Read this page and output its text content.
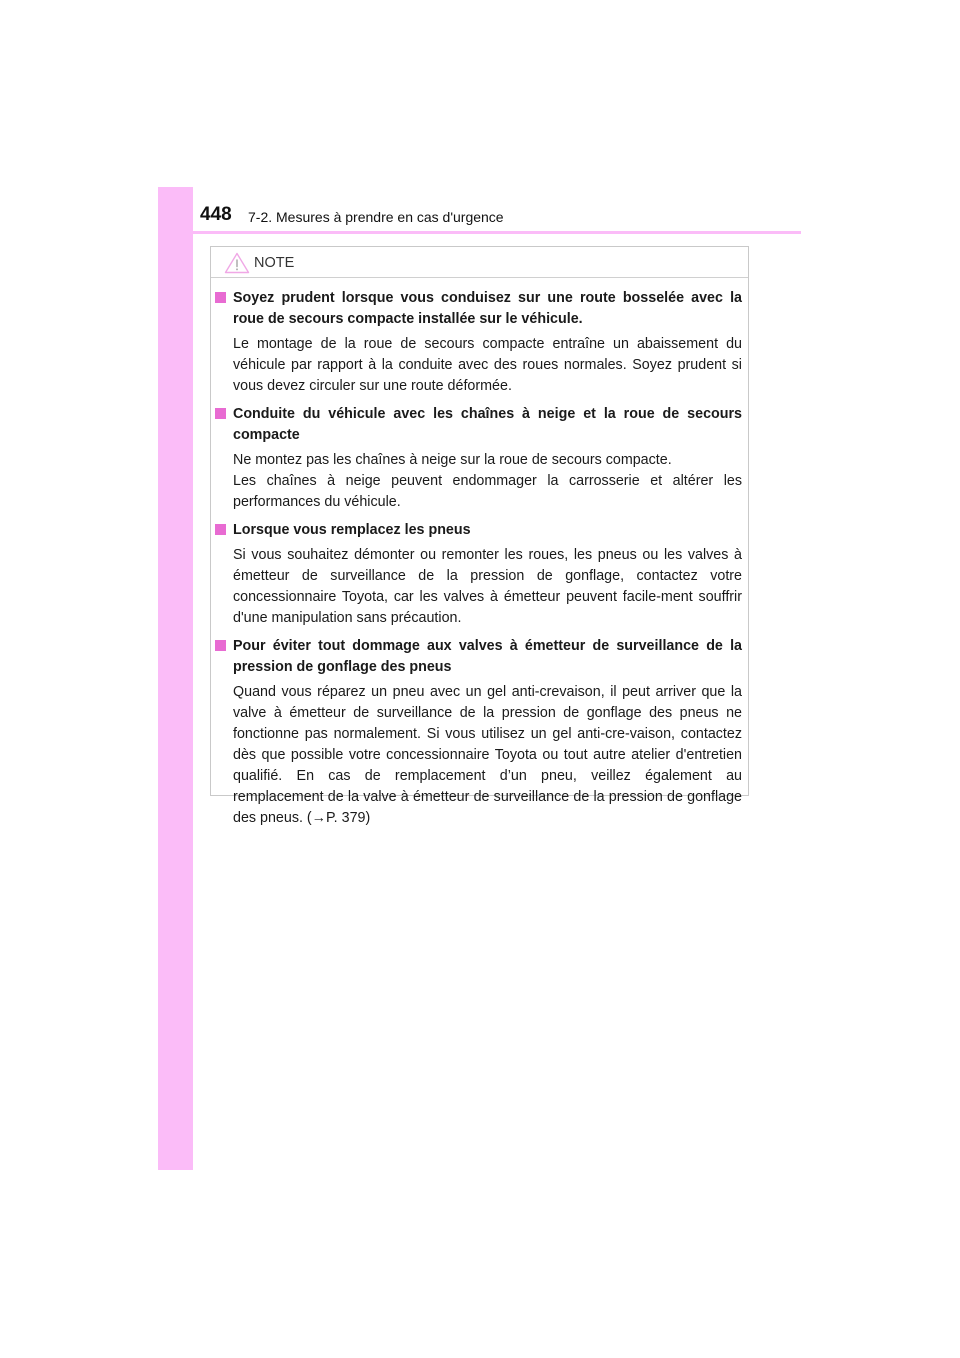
448 7-2. Mesures à prendre en cas d'urgence
NOTE

Soyez prudent lorsque vous conduisez sur une route bosselée avec la roue de secours compacte installée sur le véhicule.

Le montage de la roue de secours compacte entraîne un abaissement du véhicule par rapport à la conduite avec des roues normales. Soyez prudent si vous devez circuler sur une route déformée.

Conduite du véhicule avec les chaînes à neige et la roue de secours compacte

Ne montez pas les chaînes à neige sur la roue de secours compacte.

Les chaînes à neige peuvent endommager la carrosserie et altérer les performances du véhicule.

Lorsque vous remplacez les pneus

Si vous souhaitez démonter ou remonter les roues, les pneus ou les valves à émetteur de surveillance de la pression de gonflage, contactez votre concessionnaire Toyota, car les valves à émetteur peuvent facile-ment souffrir d'une manipulation sans précaution.

Pour éviter tout dommage aux valves à émetteur de surveillance de la pression de gonflage des pneus

Quand vous réparez un pneu avec un gel anti-crevaison, il peut arriver que la valve à émetteur de surveillance de la pression de gonflage des pneus ne fonctionne pas normalement. Si vous utilisez un gel anti-cre-vaison, contactez dès que possible votre concessionnaire Toyota ou tout autre atelier d'entretien qualifié. En cas de remplacement d’un pneu, veillez également au remplacement de la valve à émetteur de surveillance de la pression de gonflage des pneus. (→P. 379)
